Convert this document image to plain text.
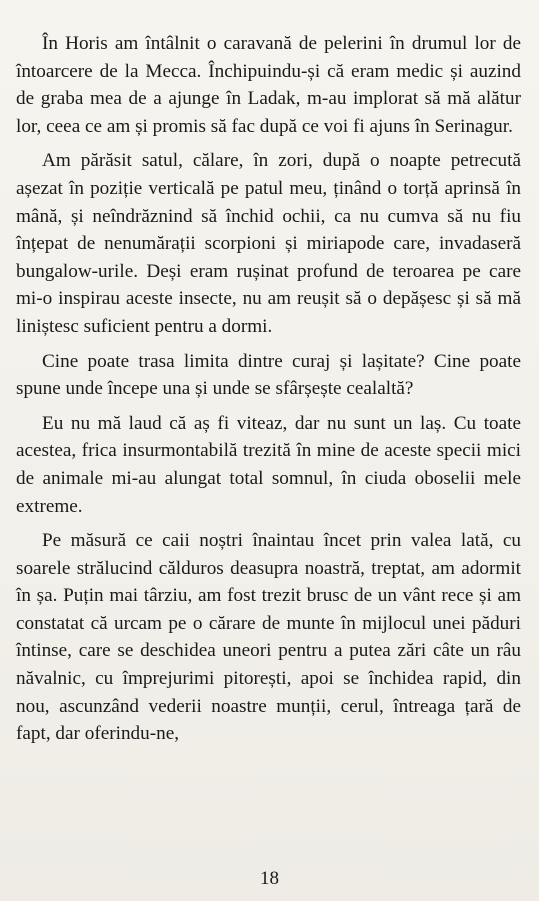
În Horis am întâlnit o caravană de pelerini în drumul lor de întoarcere de la Mecca. Închipuindu-și că eram medic și auzind de graba mea de a ajunge în Ladak, m-au implorat să mă alătur lor, ceea ce am și promis să fac după ce voi fi ajuns în Serinagur.

Am părăsit satul, călare, în zori, după o noapte petrecută așezat în poziție verticală pe patul meu, ținând o torță aprinsă în mână, și neîndrăznind să închid ochii, ca nu cumva să nu fiu înțepat de nenumărații scorpioni și miriapode care, invadaseră bungalow-urile. Deși eram rușinat profund de teroarea pe care mi-o inspirau aceste insecte, nu am reușit să o depășesc și să mă liniștesc suficient pentru a dormi.

Cine poate trasa limita dintre curaj și lașitate? Cine poate spune unde începe una și unde se sfârșește cealaltă?

Eu nu mă laud că aș fi viteaz, dar nu sunt un laș. Cu toate acestea, frica insurmontabilă trezită în mine de aceste specii mici de animale mi-au alungat total somnul, în ciuda oboselii mele extreme.

Pe măsură ce caii noștri înaintau încet prin valea lată, cu soarele strălucind călduros deasupra noastră, treptat, am adormit în șa. Puțin mai târziu, am fost trezit brusc de un vânt rece și am constatat că urcam pe o cărare de munte în mijlocul unei păduri întinse, care se deschidea uneori pentru a putea zări câte un râu năvalnic, cu împrejurimi pitorești, apoi se închidea rapid, din nou, ascunzând vederii noastre munții, cerul, întreaga țară de fapt, dar oferindu-ne,

18
